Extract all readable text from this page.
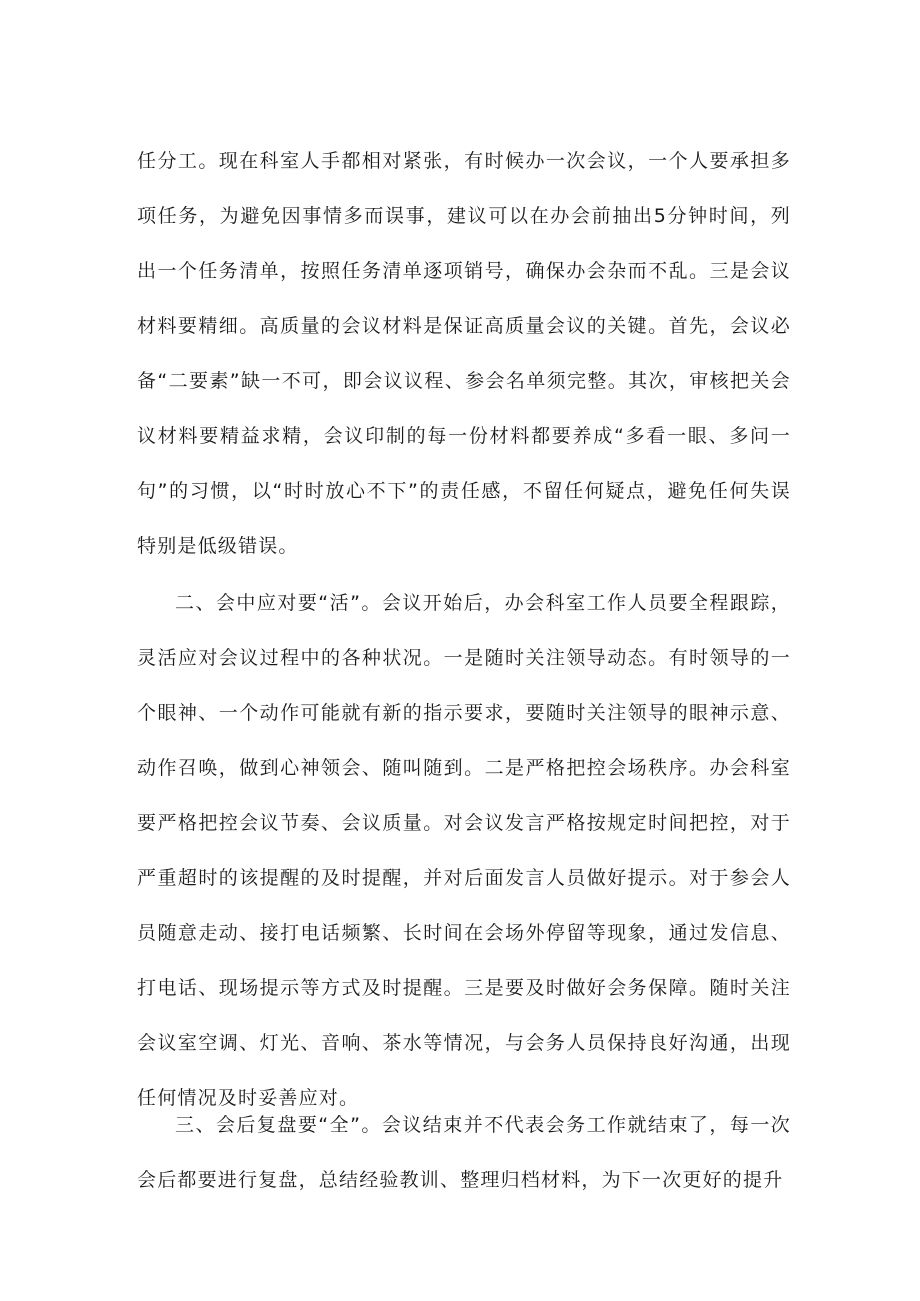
任分工。现在科室人手都相对紧张，有时候办一次会议，一个人要承担多项任务，为避免因事情多而误事，建议可以在办会前抽出5分钟时间，列出一个任务清单，按照任务清单逐项销号，确保办会杂而不乱。三是会议材料要精细。高质量的会议材料是保证高质量会议的关键。首先，会议必备“二要素”缺一不可，即会议议程、参会名单须完整。其次，审核把关会议材料要精益求精，会议印制的每一份材料都要养成“多看一眼、多问一句”的习惯，以“时时放心不下”的责任感，不留任何疑点，避免任何失误特别是低级错误。

二、会中应对要“活”。会议开始后，办会科室工作人员要全程跟踪，灵活应对会议过程中的各种状况。一是随时关注领导动态。有时领导的一个眼神、一个动作可能就有新的指示要求，要随时关注领导的眼神示意、动作召唤，做到心神领会、随叫随到。二是严格把控会场秩序。办会科室要严格把控会议节奏、会议质量。对会议发言严格按规定时间把控，对于严重超时的该提醒的及时提醒，并对后面发言人员做好提示。对于参会人员随意走动、接打电话频繁、长时间在会场外停留等现象，通过发信息、打电话、现场提示等方式及时提醒。三是要及时做好会务保障。随时关注会议室空调、灯光、音响、茶水等情况，与会务人员保持良好沟通，出现任何情况及时妥善应对。

三、会后复盘要“全”。会议结束并不代表会务工作就结束了，每一次会后都要进行复盘，总结经验教训、整理归档材料，为下一次更好的提升
